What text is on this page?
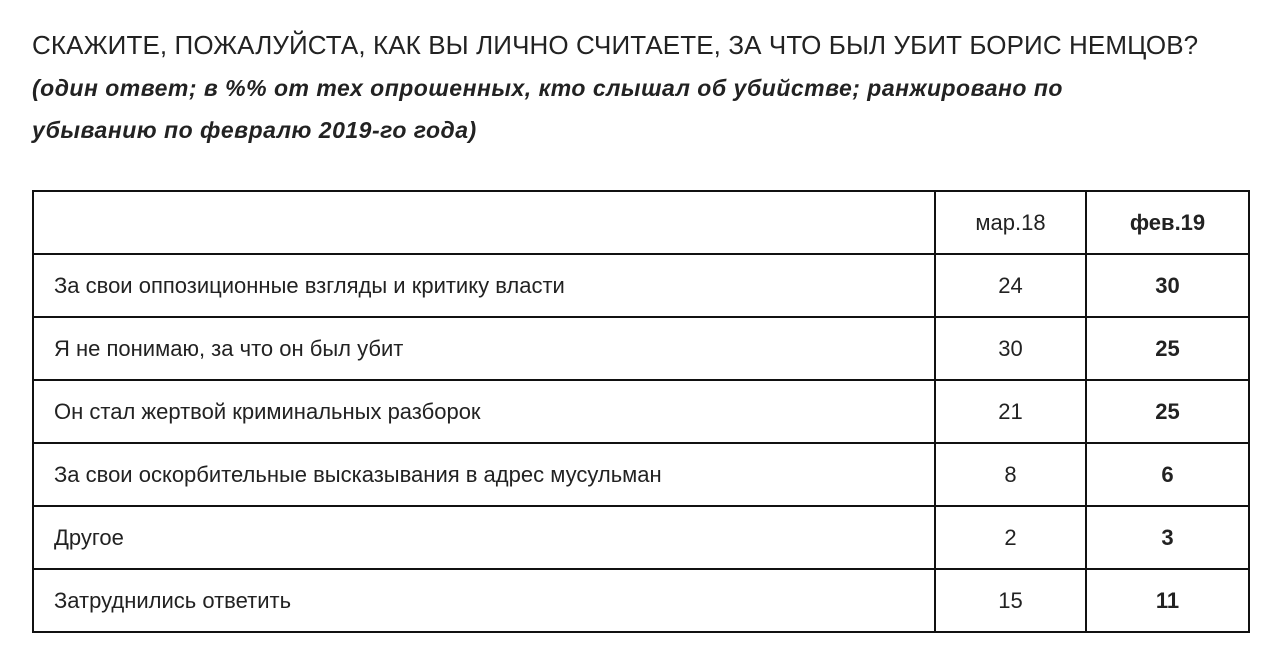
СКАЖИТЕ, ПОЖАЛУЙСТА, КАК ВЫ ЛИЧНО СЧИТАЕТЕ, ЗА ЧТО БЫЛ УБИТ БОРИС НЕМЦОВ?
(один ответ; в %% от тех опрошенных, кто слышал об убийстве; ранжировано по
убыванию по февралю 2019-го года)
	мар.18	фев.19
За свои оппозиционные взгляды и критику власти	24	30
Я не понимаю, за что он был убит	30	25
Он стал жертвой криминальных разборок	21	25
За свои оскорбительные высказывания в адрес мусульман	8	6
Другое	2	3
Затруднились ответить	15	11
